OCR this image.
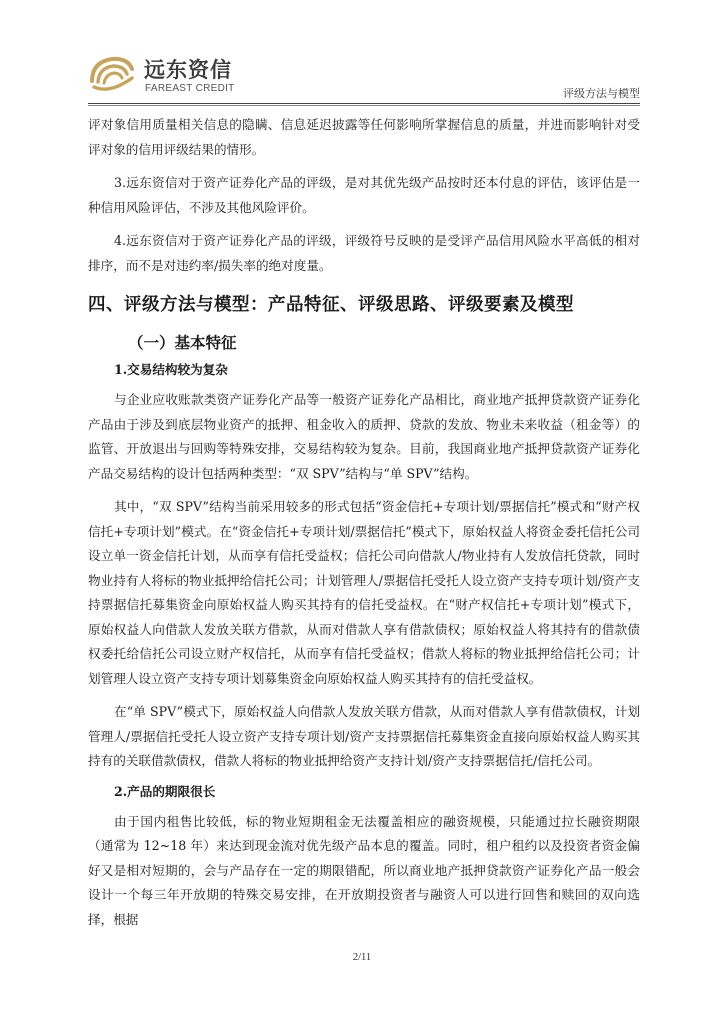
远东资信
FAREAST CREDIT	评级方法与模型

评对象信用质量相关信息的隐瞒、信息延迟披露等任何影响所掌握信息的质量，并进而影响针对受评对象的信用评级结果的情形。

3.远东资信对于资产证券化产品的评级，是对其优先级产品按时还本付息的评估，该评估是一种信用风险评估，不涉及其他风险评价。

4.远东资信对于资产证券化产品的评级，评级符号反映的是受评产品信用风险水平高低的相对排序，而不是对违约率/损失率的绝对度量。

四、评级方法与模型：产品特征、评级思路、评级要素及模型
（一）基本特征
1.交易结构较为复杂

与企业应收账款类资产证券化产品等一般资产证券化产品相比，商业地产抵押贷款资产证券化产品由于涉及到底层物业资产的抵押、租金收入的质押、贷款的发放、物业未来收益（租金等）的监管、开放退出与回购等特殊安排，交易结构较为复杂。目前，我国商业地产抵押贷款资产证券化产品交易结构的设计包括两种类型：“双 SPV”结构与“单 SPV”结构。

其中，“双 SPV”结构当前采用较多的形式包括“资金信托+专项计划/票据信托”模式和“财产权信托+专项计划”模式。在“资金信托+专项计划/票据信托”模式下，原始权益人将资金委托信托公司设立单一资金信托计划，从而享有信托受益权；信托公司向借款人/物业持有人发放信托贷款，同时物业持有人将标的物业抵押给信托公司；计划管理人/票据信托受托人设立资产支持专项计划/资产支持票据信托募集资金向原始权益人购买其持有的信托受益权。在“财产权信托+专项计划”模式下，原始权益人向借款人发放关联方借款，从而对借款人享有借款债权；原始权益人将其持有的借款债权委托给信托公司设立财产权信托，从而享有信托受益权；借款人将标的物业抵押给信托公司；计划管理人设立资产支持专项计划募集资金向原始权益人购买其持有的信托受益权。

在“单 SPV”模式下，原始权益人向借款人发放关联方借款，从而对借款人享有借款债权，计划管理人/票据信托受托人设立资产支持专项计划/资产支持票据信托募集资金直接向原始权益人购买其持有的关联借款债权，借款人将标的物业抵押给资产支持计划/资产支持票据信托/信托公司。

2.产品的期限很长

由于国内租售比较低，标的物业短期租金无法覆盖相应的融资规模，只能通过拉长融资期限（通常为 12~18 年）来达到现金流对优先级产品本息的覆盖。同时，租户租约以及投资者资金偏好又是相对短期的，会与产品存在一定的期限错配，所以商业地产抵押贷款资产证券化产品一般会设计一个每三年开放期的特殊交易安排，在开放期投资者与融资人可以进行回售和赎回的双向选择，根据

2/11
